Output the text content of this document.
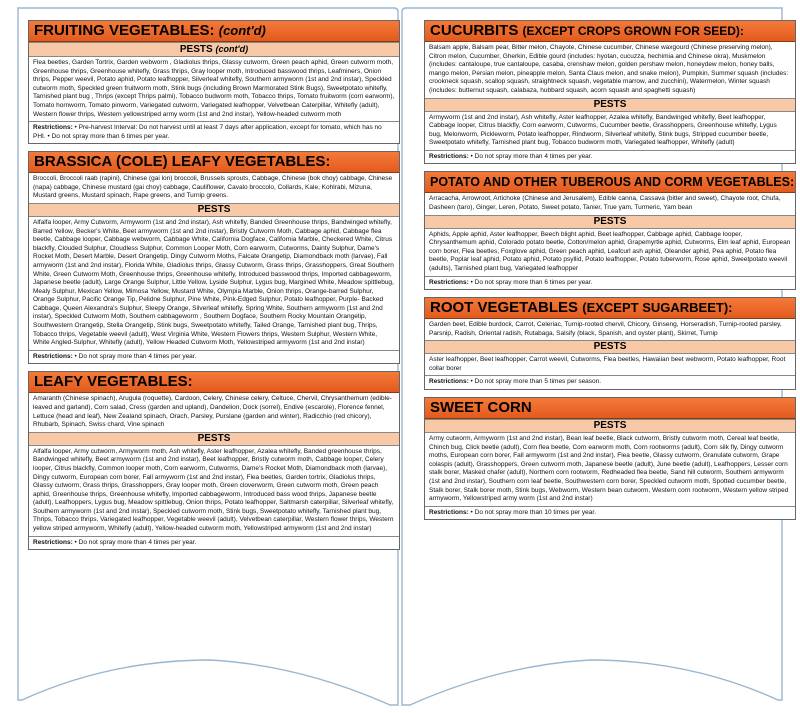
FRUITING VEGETABLES: (cont'd)
PESTS (cont'd)
Flea beetles, Garden Tortrix, Garden webworm , Gladiolus thrips, Glassy cutworm, Green peach aphid, Green cutworm moth, Greenhouse thrips, Greenhouse whitefly, Grass thrips, Gray looper moth, Introduced basswood thrips, Leafminers, Onion thrips, Pepper weevil, Potato aphid, Potato leafhopper, Silverleaf whitefly, Southern armyworm (1st and 2nd instar), Speckled cutworm moth, Speckled green fruitworm moth, Stink bugs (including Brown Marmorated Stink Bugs), Sweetpotato whitefly, Tarnished plant bug , Thrips (except Thrips palmi), Tobacco budworm moth, Tobacco thrips, Tomato fruitworm (corn earworm), Tomato hornworm, Tomato pinworm, Variegated cutworm, Variegated leafhopper, Velvetbean Caterpillar, Whitefly (adult), Western flower thrips, Western yellowstriped army worm (1st and 2nd instar), Yellow-headed cutworm moth
Restrictions: • Pre-harvest Interval: Do not harvest until at least 7 days after application, except for tomato, which has no PHI. • Do not spray more than 6 times per year.
BRASSICA (COLE) LEAFY VEGETABLES:
Broccoli, Broccoli raab (rapini), Chinese (gai lon) broccoli, Brussels sprouts, Cabbage, Chinese (bok choy) cabbage, Chinese (napa) cabbage, Chinese mustard (gai choy) cabbage, Cauliflower, Cavalo broccolo, Collards, Kale, Kohlrabi, Mizuna, Mustard greens, Mustard spinach, Rape greens, and Turnip greens.
PESTS
Alfalfa looper, Army Cutworm, Armyworm (1st and 2nd instar), Ash whitefly, Banded Greenhouse thrips, Bandwinged whitefly, Barred Yellow, Becker's White, Beet armyworm (1st and 2nd instar), Bristly Cutworm Moth, Cabbage aphid, Cabbage flea beetle, Cabbage looper, Cabbage webworm, Cabbage White, California Dogface, California Marble, Checkered White, Citrus blackfly, Clouded Sulphur, Cloudless Sulphur, Common Looper Moth, Corn earworm, Cutworms, Dainty Sulphur, Dame's Rocket Moth, Desert Marble, Desert Orangetip, Dingy Cutworm Moths, Falcate Orangetip, Diamondback moth (larvae), Fall armyworm (1st and 2nd instar), Florida White, Gladiolus thrips, Glassy Cutworm, Grass thrips, Grasshoppers, Great Southern White, Green Cutworm Moth, Greenhouse thrips, Greenhouse whitefly, Introduced basswood thrips, Imported cabbageworm, Japanese beetle (adult), Large Orange Sulphur, Little Yellow, Lyside Sulphur, Lygus bug, Margined White, Meadow spittlebug, Mealy Sulphur, Mexican Yellow, Mimosa Yellow, Mustard White, Olympia Marble, Onion thrips, Orange-barred Sulphur, Orange Sulphur, Pacific Orange Tip, Pelidne Sulphur, Pine White, Pink-Edged Sulphur, Potato leafhopper, Purple- Backed Cabbage, Queen Alexandra's Sulphur, Sleepy Orange, Silverleaf whitefly, Spring White, Southern armyworm (1st and 2nd instar), Speckled Cutworm Moth, Southern cabbageworm , Southern Dogface, Southern Rocky Mountain Orangetip, Southwestern Orangetip, Stella Orangetip, Stink bugs, Sweetpotato whitefly, Tailed Orange, Tarnished plant bug, Thrips, Tobacco thrips, Vegetable weevil (adult), West Virginia White, Western Flowers thrips, Western Sulphur, Western White, White Angled-Sulphur, Whitefly (adult), Yellow Headed Cutworm Moth, Yellowstriped armyworm (1st and 2nd instar)
Restrictions: • Do not spray more than 4 times per year.
LEAFY VEGETABLES:
Amaranth (Chinese spinach), Arugula (roquette), Cardoon, Celery, Chinese celery, Celtuce, Chervil, Chrysanthemum (edible-leaved and garland), Corn salad, Cress (garden and upland), Dandelion, Dock (sorrel), Endive (escarole), Florence fennel, Lettuce (head and leaf), New Zealand spinach, Orach, Parsley, Purslane (garden and winter), Radicchio (red chicory), Rhubarb, Spinach, Swiss chard, Vine spinach
PESTS
Alfalfa looper, Army cutworm, Armyworm moth, Ash whitefly, Aster leafhopper, Azalea whitefly, Banded greenhouse thrips, Bandwinged whitefly, Beet armyworm (1st and 2nd instar), Beet leafhopper, Bristly cutworm moth, Cabbage looper, Celery looper, Citrus blackfly, Common looper moth, Corn earworm, Cutworms, Dame's Rocket Moth, Diamondback moth (larvae), Dingy cutworm, European corn borer, Fall armyworm (1st and 2nd instar), Flea beetles, Garden tortrix, Gladiolus thrips, Glassy cutworm, Grass thrips, Grasshoppers, Gray looper moth, Green cloverworm, Green cutworm moth, Green peach aphid, Greenhouse thrips, Greenhouse whitefly, Imported cabbageworm, Introduced bass wood thrips, Japanese beetle (adult), Leafhoppers, Lygus bug, Meadow spittlebug, Onion thrips, Potato leafhopper, Saltmarsh caterpillar, Silverleaf whitefly, Southern armyworm (1st and 2nd instar), Speckled cutworm moth, Stink bugs, Sweetpotato whitefly, Tarnished plant bug, Thrips, Tobacco thrips, Variegated leafhopper, Vegetable weevil (adult), Velvetbean caterpillar, Western flower thrips, Western yellow striped armyworm, Whitefly (adult), Yellow-headed cutworm moth, Yellowstriped armyworm (1st and 2nd instar)
Restrictions: • Do not spray more than 4 times per year.
CUCURBITS (EXCEPT CROPS GROWN FOR SEED):
Balsam apple, Balsam pear, Bitter melon, Chayote, Chinese cucumber, Chinese waxgourd (Chinese preserving melon), Citron melon, Cucumber, Gherkin, Edible gourd (includes: hyotan, cucuzza, hechimia and Chinese okra), Muskmelon (includes: cantaloupe, true cantaloupe, casaba, crenshaw melon, golden pershaw melon, honeydew melon, honey balls, mango melon, Persian melon, pineapple melon, Santa Claus melon, and snake melon), Pumpkin, Summer squash (includes: crookneck squash, scallop squash, straightneck squash, vegetable marrow, and zucchini), Watermelon, Winter squash (includes: butternut squash, calabaza, hubbard squash, acorn squash and spaghetti squash)
PESTS
Armyworm (1st and 2nd instar), Ash whitefly, Aster leafhopper, Azalea whitefly, Bandwinged whitefly, Beet leafhopper, Cabbage looper, Citrus blackfly, Corn earworm, Cutworms, Cucumber beetle, Grasshoppers, Greenhouse whitefly, Lygus bug, Melonworm, Pickleworm, Potato leafhopper, Rindworm, Silverleaf whitefly, Stink bugs, Stripped cucumber beetle, Sweetpotato whitefly, Tarnished plant bug, Tobacco budworm moth, Variegated leafhopper, Whitefly (adult)
Restrictions: • Do not spray more than 4 times per year.
POTATO AND OTHER TUBEROUS AND CORM VEGETABLES:
Arracacha, Arrowroot, Artichoke (Chinese and Jerusalem), Edible canna, Cassava (bitter and sweet), Chayote root, Chufa, Dasheen (taro), Ginger, Leren, Potato, Sweet potato, Tanier, True yam, Turmeric, Yam bean
PESTS
Aphids, Apple aphid, Aster leafhopper, Beech blight aphid, Beet leafhopper, Cabbage aphid, Cabbage looper, Chrysanthemum aphid, Colorado potato beetle, Cotton/melon aphid, Grapemyrtle aphid, Cutworms, Elm leaf aphid, European corn borer, Flea beetles, Foxglove aphid, Green peach aphid, Leafcurl ash aphid, Oleander aphid, Pea aphid, Potato flea beetle, Poplar leaf aphid, Potato aphid, Potato psyllid, Potato leafhopper, Potato tuberworm, Rose aphid, Sweetpotato weevil (adults), Tarnished plant bug, Variegated leafhopper
Restrictions: • Do not spray more than 6 times per year.
ROOT VEGETABLES (EXCEPT SUGARBEET):
Garden beet, Edible burdock, Carrot, Celeriac, Turnip-rooted chervil, Chicory, Ginseng, Horseradish, Turnip-rooted parsley, Parsnip, Radish, Oriental radish, Rutabaga, Salsify (black, Spanish, and oyster plant), Skirret, Turnip
PESTS
Aster leafhopper, Beet leafhopper, Carrot weevil, Cutworms, Flea beetles, Hawaiian beet webworm, Potato leafhopper, Root collar borer
Restrictions: • Do not spray more than 5 times per season.
SWEET CORN
PESTS
Army cutworm, Armyworm (1st and 2nd instar), Bean leaf beetle, Black cutworm, Bristly cutworm moth, Cereal leaf beetle, Chinch bug, Click beetle (adult), Corn flea beetle, Corn earworm moth, Corn rootworms (adult), Corn silk fly, Dingy cutworm moths, European corn borer, Fall armyworm (1st and 2nd instar), Flea beetle, Glassy cutworm, Granulate cutworm, Grape colaspis (adult), Grasshoppers, Green cutworm moth, Japanese beetle (adult), June beetle (adult), Leafhoppers, Lesser corn stalk borer, Masked chafer (adult), Northern corn rootworm, Redheaded flea beetle, Sand hill cutworm, Southern armyworm (1st and 2nd instar), Southern corn leaf beetle, Southwestern corn borer, Speckled cutworm moth, Spotted cucumber beetle, Stalk borer, Stalk borer moth, Stink bugs, Webworm, Western bean cutworm, Western corn rootworm, Western yellow striped armyworm, Yellowstriped army worm (1st and 2nd instar)
Restrictions: • Do not spray more than 10 times per year.
